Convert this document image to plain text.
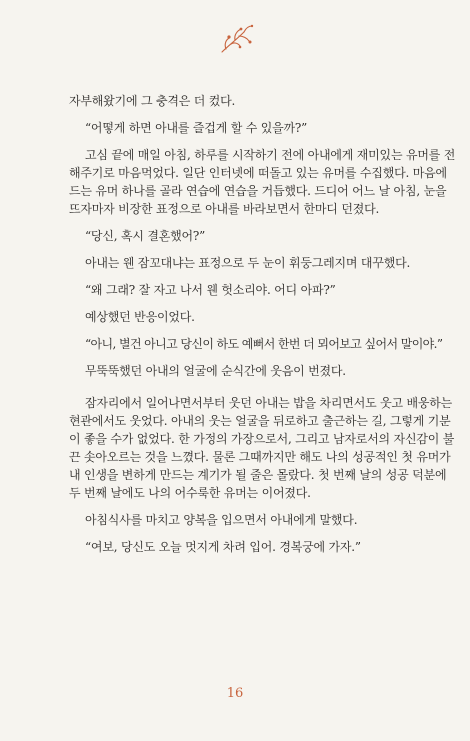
자부해왔기에 그 충격은 더 컸다.

“어떻게 하면 아내를 즐겁게 할 수 있을까?”

고심 끝에 매일 아침, 하루를 시작하기 전에 아내에게 재미있는 유머를 전
해주기로 마음먹었다. 일단 인터넷에 떠돌고 있는 유머를 수집했다. 마음에
드는 유머 하나를 골라 연습에 연습을 거듭했다. 드디어 어느 날 아침, 눈을
뜨자마자 비장한 표정으로 아내를 바라보면서 한마디 던졌다.

“당신, 혹시 결혼했어?”

아내는 웬 잠꼬대냐는 표정으로 두 눈이 휘둥그레지며 대꾸했다.

“왜 그래? 잘 자고 나서 웬 헛소리야. 어디 아파?”

예상했던 반응이었다.

“아니, 별건 아니고 당신이 하도 예뻐서 한번 더 뫼어보고 싶어서 말이야.”

무뚝뚝했던 아내의 얼굴에 순식간에 웃음이 번졌다.

잠자리에서 일어나면서부터 웃던 아내는 밥을 차리면서도 웃고 배웅하는
현관에서도 웃었다. 아내의 웃는 얼굴을 뒤로하고 출근하는 길, 그렇게 기분
이 좋을 수가 없었다. 한 가정의 가장으로서, 그리고 남자로서의 자신감이 불
끈 솟아오르는 것을 느꼈다. 물론 그때까지만 해도 나의 성공적인 첫 유머가
내 인생을 변하게 만드는 계기가 될 줄은 몰랐다. 첫 번째 날의 성공 덕분에
두 번째 날에도 나의 어수룩한 유머는 이어졌다.

아침식사를 마치고 양복을 입으면서 아내에게 말했다.

“여보, 당신도 오늘 멋지게 차려 입어. 경복궁에 가자.”

16
